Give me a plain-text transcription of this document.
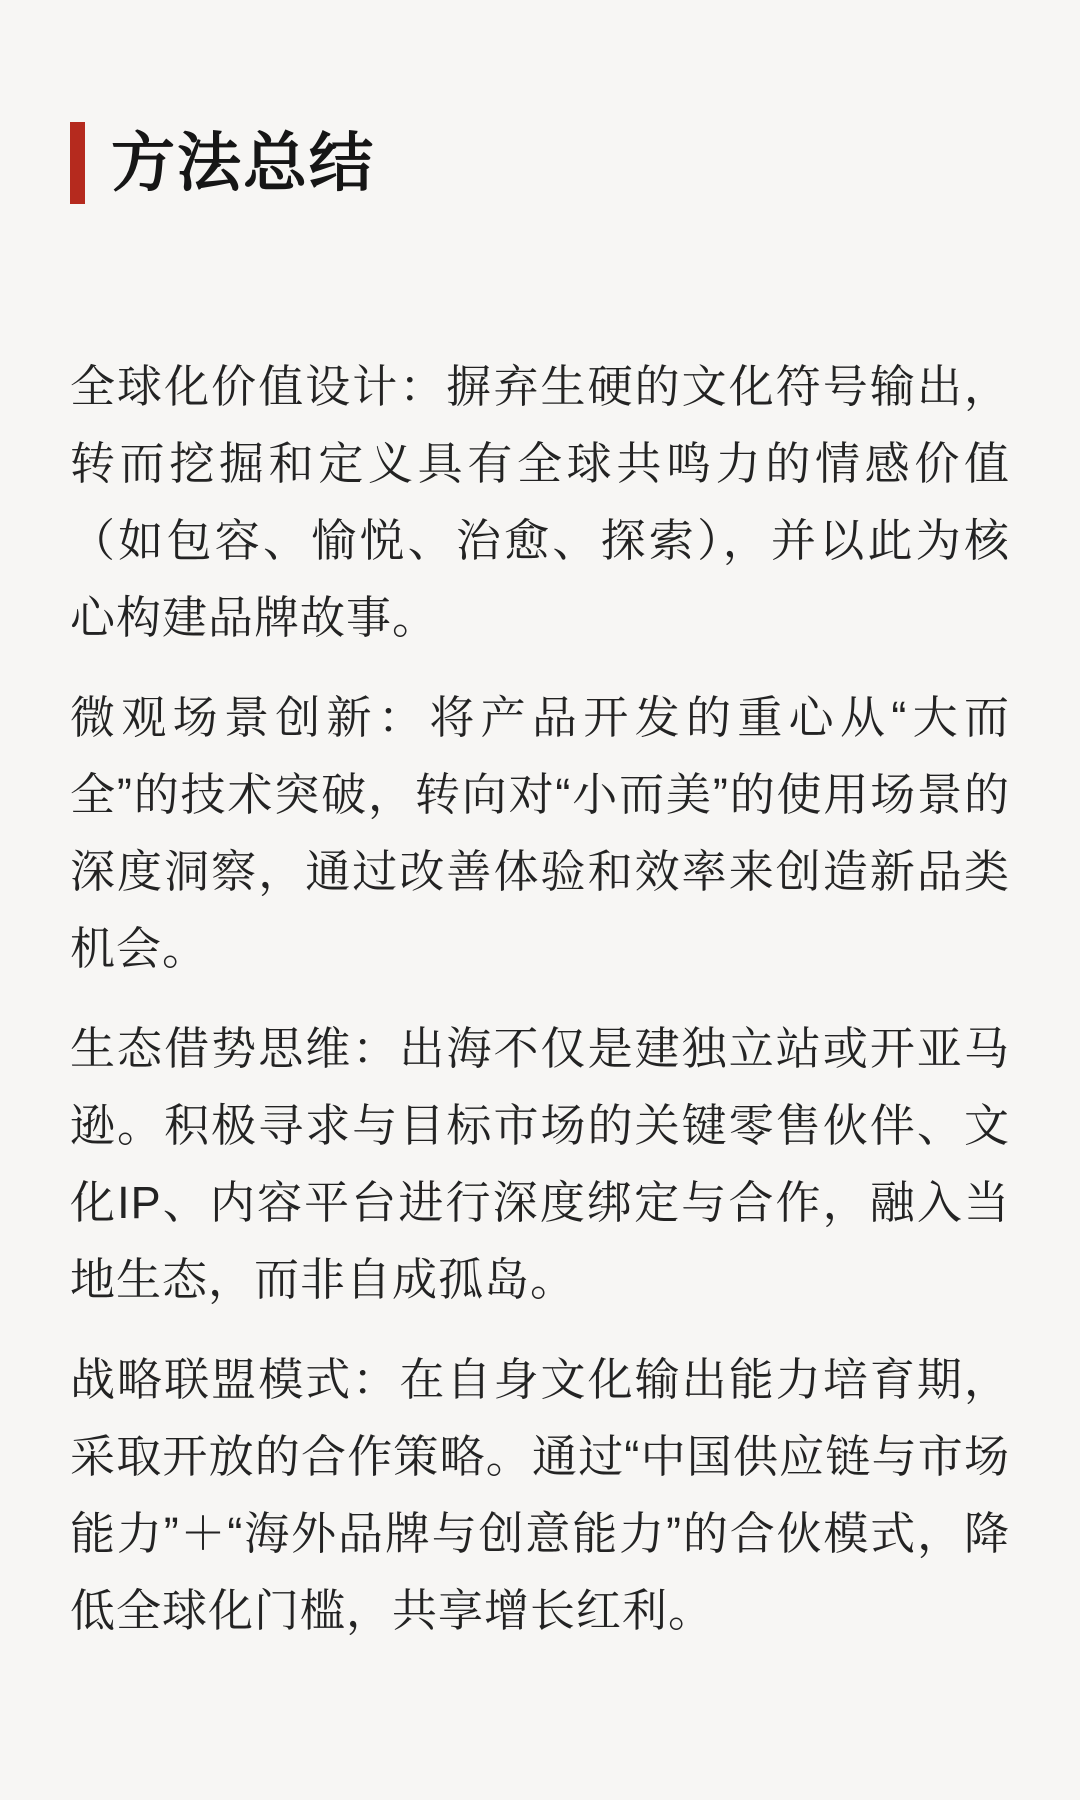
方法总结

全球化价值设计：摒弃生硬的文化符号输出，转而挖掘和定义具有全球共鸣力的情感价值（如包容、愉悦、治愈、探索），并以此为核心构建品牌故事。

微观场景创新：将产品开发的重心从“大而全”的技术突破，转向对“小而美”的使用场景的深度洞察，通过改善体验和效率来创造新品类机会。

生态借势思维：出海不仅是建独立站或开亚马逊。积极寻求与目标市场的关键零售伙伴、文化IP、内容平台进行深度绑定与合作，融入当地生态，而非自成孤岛。

战略联盟模式：在自身文化输出能力培育期，采取开放的合作策略。通过“中国供应链与市场能力”＋“海外品牌与创意能力”的合伙模式，降低全球化门槛，共享增长红利。
